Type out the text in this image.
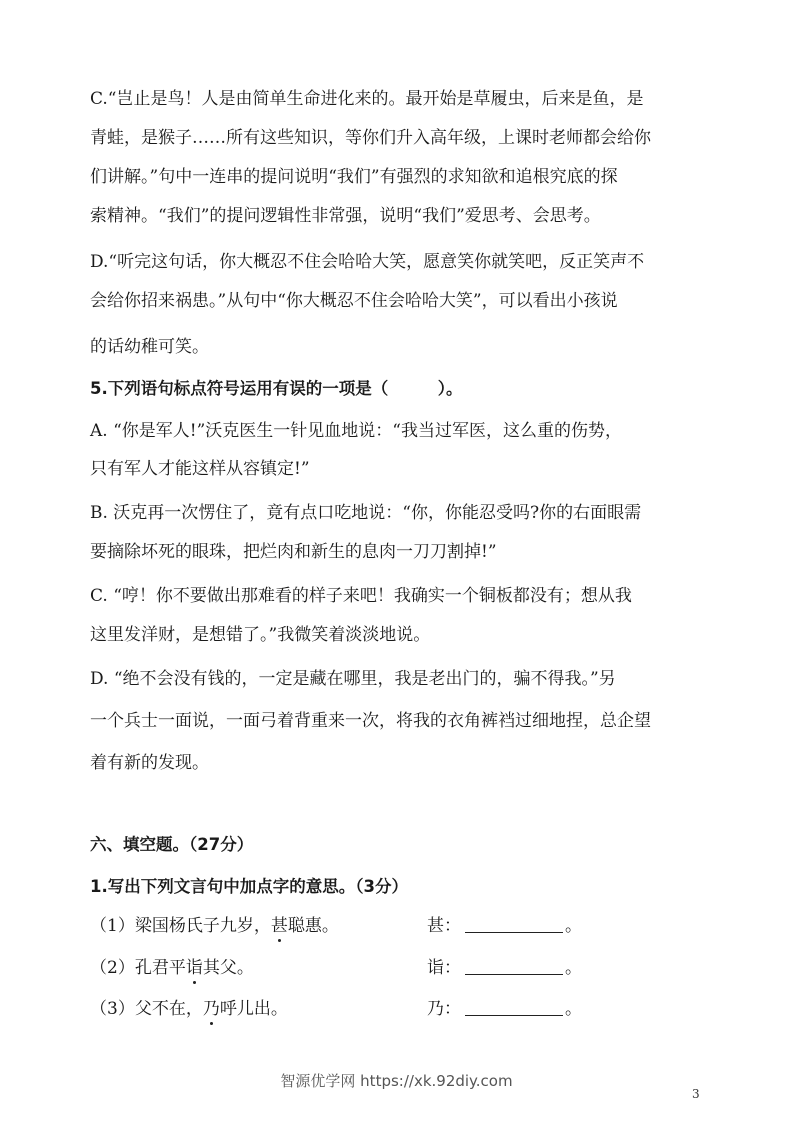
C.“岂止是鸟！人是由简单生命进化来的。最开始是草履虫，后来是鱼，是
青蛙，是猴子……所有这些知识，等你们升入高年级，上课时老师都会给你
们讲解。”句中一连串的提问说明“我们”有强烈的求知欲和追根究底的探
索精神。“我们”的提问逻辑性非常强，说明“我们”爱思考、会思考。
D.“听完这句话，你大概忍不住会哈哈大笑，愿意笑你就笑吧，反正笑声不
会给你招来祸患。”从句中“你大概忍不住会哈哈大笑”，可以看出小孩说
的话幼稚可笑。
5.下列语句标点符号运用有误的一项是（　　　）。
A. “你是军人!”沃克医生一针见血地说：“我当过军医，这么重的伤势，
只有军人才能这样从容镇定!”
B. 沃克再一次愣住了，竟有点口吃地说：“你，你能忍受吗?你的右面眼需
要摘除坏死的眼珠，把烂肉和新生的息肉一刀刀割掉!”
C. “哼！你不要做出那难看的样子来吧！我确实一个铜板都没有；想从我
这里发洋财，是想错了。”我微笑着淡淡地说。
D. “绝不会没有钱的，一定是藏在哪里，我是老出门的，骗不得我。”另
一个兵士一面说，一面弓着背重来一次，将我的衣角裤裆过细地捏，总企望
着有新的发现。
六、填空题。（27分）
1.写出下列文言句中加点字的意思。（3分）
（1）梁国杨氏子九岁，甚聪惠。	甚：	。
（2）孔君平诣其父。	诣：	。
（3）父不在，乃呼儿出。	乃：	。
智源优学网 https://xk.92diy.com
3
